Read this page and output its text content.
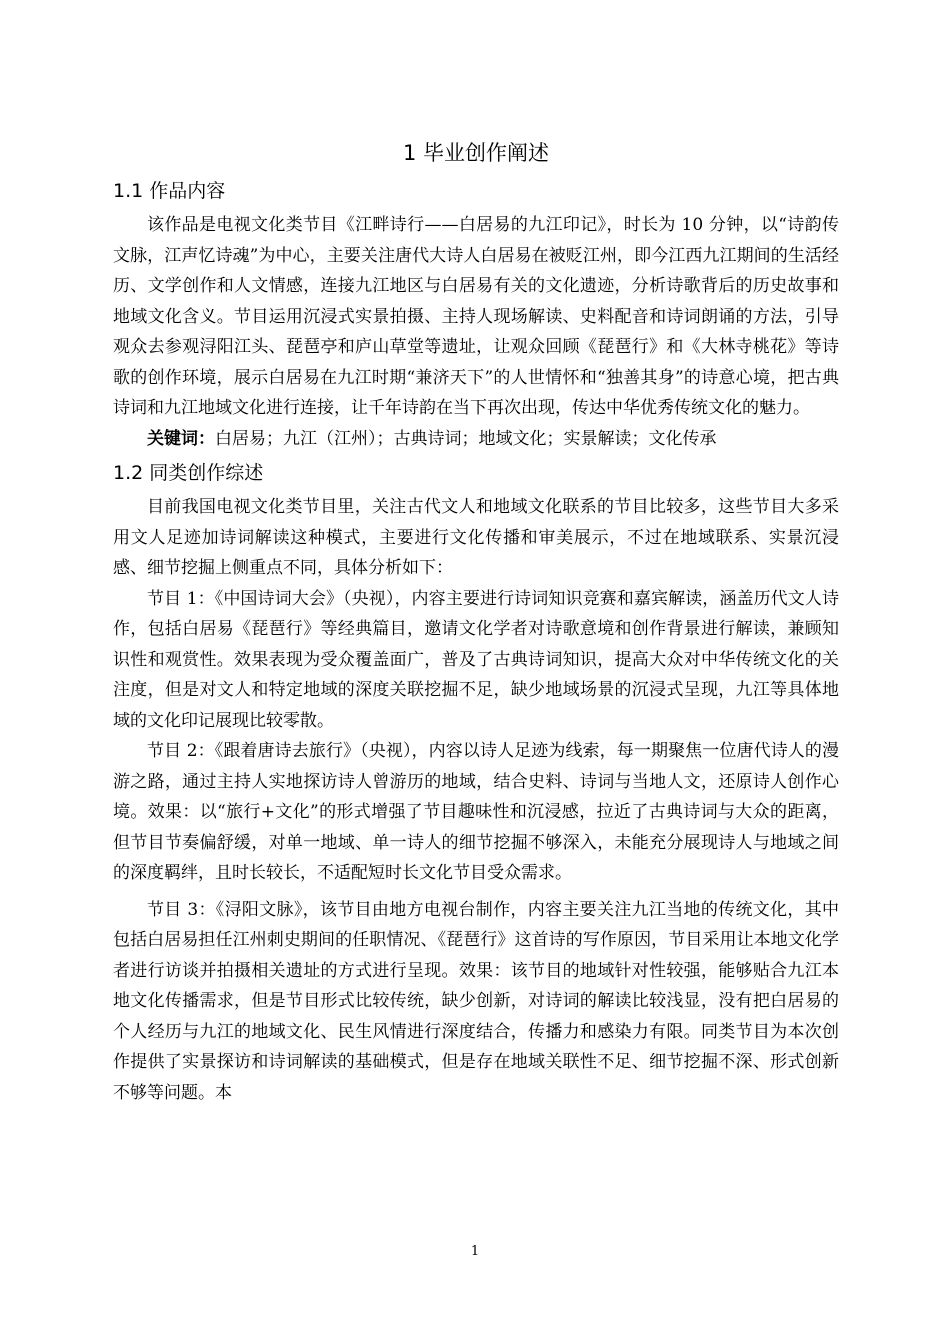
1 毕业创作阐述
1.1 作品内容

该作品是电视文化类节目《江畔诗行——白居易的九江印记》，时长为 10 分钟，以“诗韵传文脉，江声忆诗魂”为中心，主要关注唐代大诗人白居易在被贬江州，即今江西九江期间的生活经历、文学创作和人文情感，连接九江地区与白居易有关的文化遗迹，分析诗歌背后的历史故事和地域文化含义。节目运用沉浸式实景拍摄、主持人现场解读、史料配音和诗词朗诵的方法，引导观众去参观浔阳江头、琵琶亭和庐山草堂等遗址，让观众回顾《琵琶行》和《大林寺桃花》等诗歌的创作环境，展示白居易在九江时期“兼济天下”的人世情怀和“独善其身”的诗意心境，把古典诗词和九江地域文化进行连接，让千年诗韵在当下再次出现，传达中华优秀传统文化的魅力。

关键词：白居易；九江（江州）；古典诗词；地域文化；实景解读；文化传承

1.2 同类创作综述

目前我国电视文化类节目里，关注古代文人和地域文化联系的节目比较多，这些节目大多采用文人足迹加诗词解读这种模式，主要进行文化传播和审美展示，不过在地域联系、实景沉浸感、细节挖掘上侧重点不同，具体分析如下：

节目 1：《中国诗词大会》（央视），内容主要进行诗词知识竞赛和嘉宾解读，涵盖历代文人诗作，包括白居易《琵琶行》等经典篇目，邀请文化学者对诗歌意境和创作背景进行解读，兼顾知识性和观赏性。效果表现为受众覆盖面广，普及了古典诗词知识，提高大众对中华传统文化的关注度，但是对文人和特定地域的深度关联挖掘不足，缺少地域场景的沉浸式呈现，九江等具体地域的文化印记展现比较零散。

节目 2：《跟着唐诗去旅行》（央视），内容以诗人足迹为线索，每一期聚焦一位唐代诗人的漫游之路，通过主持人实地探访诗人曾游历的地域，结合史料、诗词与当地人文，还原诗人创作心境。效果：以“旅行+文化”的形式增强了节目趣味性和沉浸感，拉近了古典诗词与大众的距离，但节目节奏偏舒缓，对单一地域、单一诗人的细节挖掘不够深入，未能充分展现诗人与地域之间的深度羁绊，且时长较长，不适配短时长文化节目受众需求。

节目 3：《浔阳文脉》，该节目由地方电视台制作，内容主要关注九江当地的传统文化，其中包括白居易担任江州刺史期间的任职情况、《琵琶行》这首诗的写作原因，节目采用让本地文化学者进行访谈并拍摄相关遗址的方式进行呈现。效果：该节目的地域针对性较强，能够贴合九江本地文化传播需求，但是节目形式比较传统，缺少创新，对诗词的解读比较浅显，没有把白居易的个人经历与九江的地域文化、民生风情进行深度结合，传播力和感染力有限。同类节目为本次创作提供了实景探访和诗词解读的基础模式，但是存在地域关联性不足、细节挖掘不深、形式创新不够等问题。本

1
